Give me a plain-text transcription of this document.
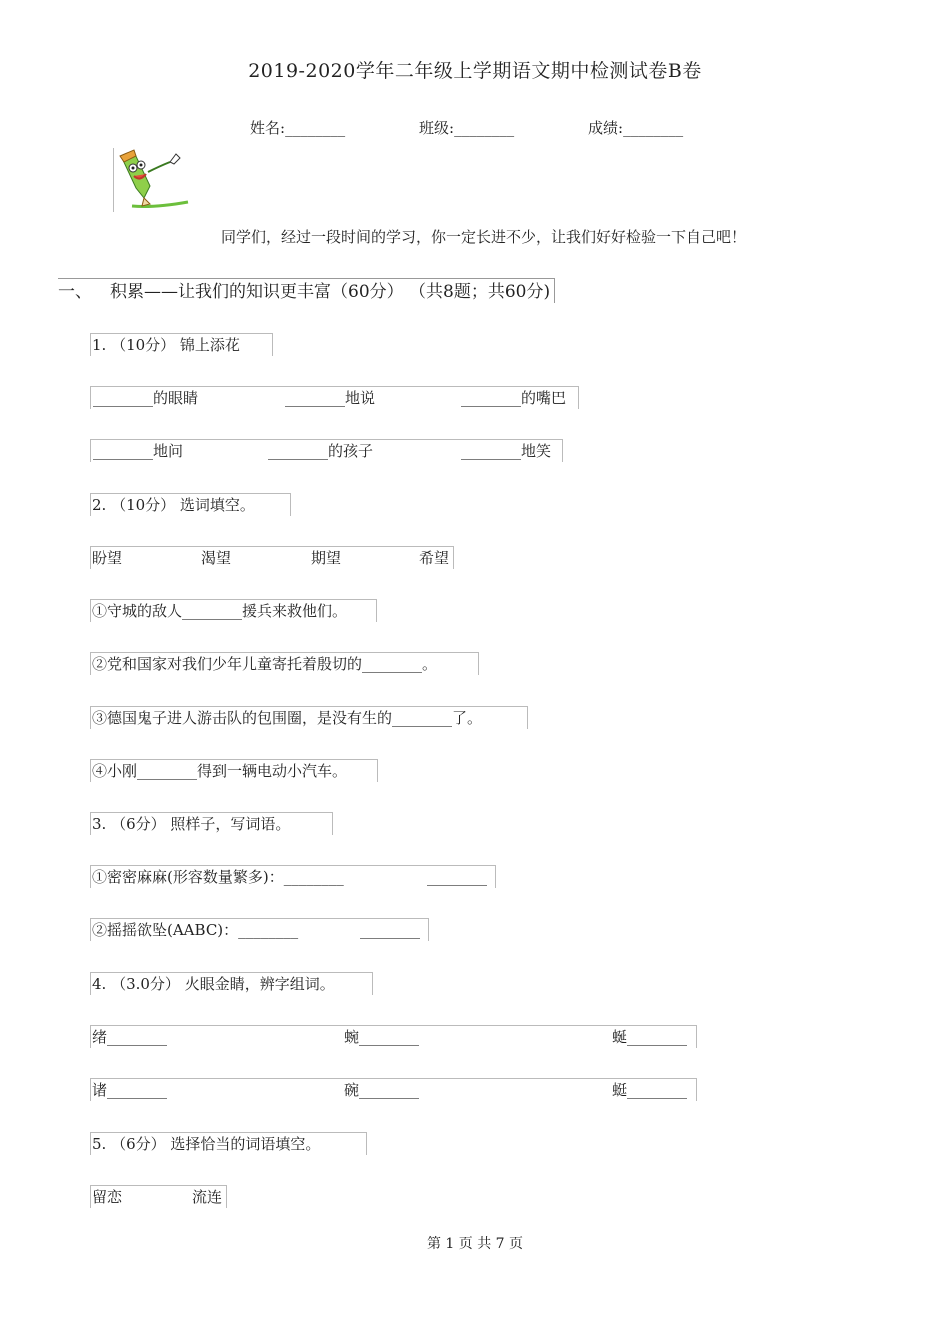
2019-2020学年二年级上学期语文期中检测试卷B卷
姓名:________	班级:________	成绩:________
同学们，经过一段时间的学习，你一定长进不少，让我们好好检验一下自己吧！
一、 积累——让我们的知识更丰富（60分） （共8题；共60分)
1. （10分） 锦上添花
________的眼睛	________地说	________的嘴巴
________地问	________的孩子	________地笑
2. （10分） 选词填空。
盼望	渴望	期望	希望
①守城的敌人________援兵来救他们。
②党和国家对我们少年儿童寄托着殷切的________。
③德国鬼子进人游击队的包围圈，是没有生的________了。
④小刚________得到一辆电动小汽车。
3. （6分） 照样子，写词语。
①密密麻麻(形容数量繁多)：________	________
②摇摇欲坠(AABC)：________	________
4. （3.0分） 火眼金睛，辨字组词。
绪________	蜿________	蜒________
诸________	碗________	蜓________
5. （6分） 选择恰当的词语填空。
留恋	流连
第 1 页 共 7 页
